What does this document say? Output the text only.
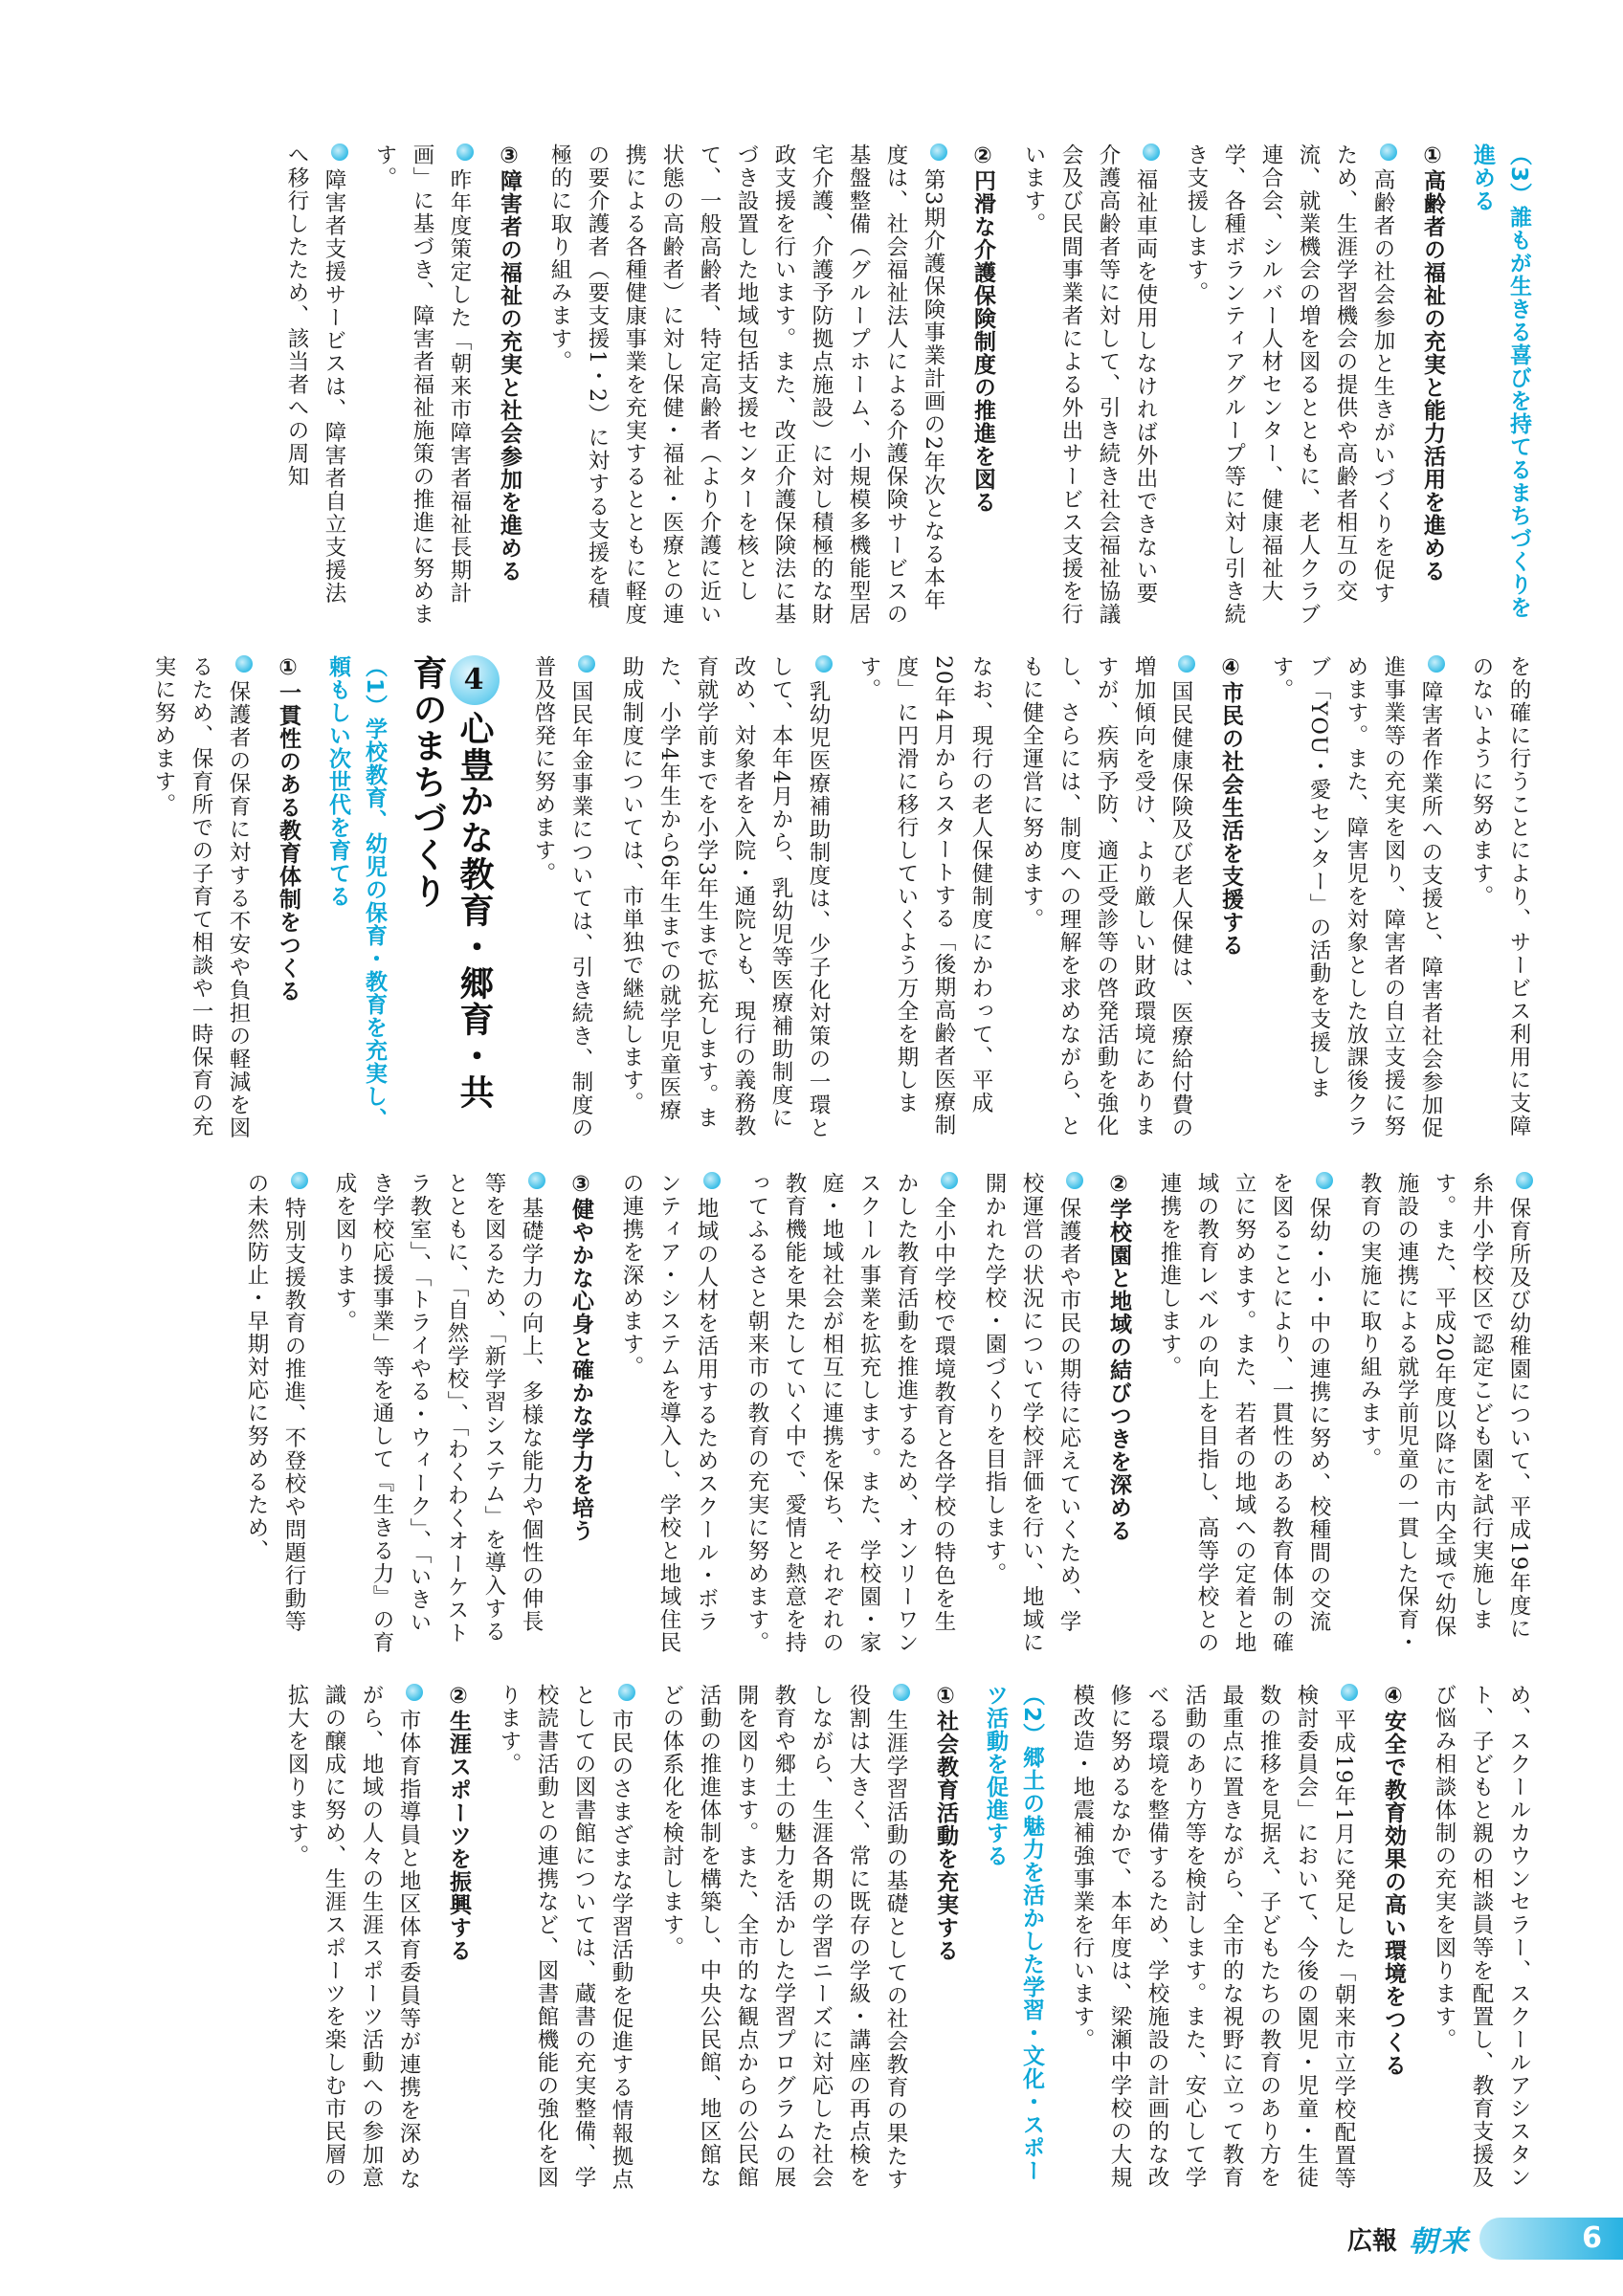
（3）誰もが生きる喜びを持てるまちづくりを進める

①高齢者の福祉の充実と能力活用を進める

高齢者の社会参加と生きがいづくりを促すため、生涯学習機会の提供や高齢者相互の交流、就業機会の増を図るとともに、老人クラブ連合会、シルバー人材センター、健康福祉大学、各種ボランティアグループ等に対し引き続き支援します。

福祉車両を使用しなければ外出できない要介護高齢者等に対して、引き続き社会福祉協議会及び民間事業者による外出サービス支援を行います。

②円滑な介護保険制度の推進を図る

第3期介護保険事業計画の2年次となる本年度は、社会福祉法人による介護保険サービスの基盤整備（グループホーム、小規模多機能型居宅介護、介護予防拠点施設）に対し積極的な財政支援を行います。また、改正介護保険法に基づき設置した地域包括支援センターを核として、一般高齢者、特定高齢者（より介護に近い状態の高齢者）に対し保健・福祉・医療との連携による各種健康事業を充実するとともに軽度の要介護者（要支援1・2）に対する支援を積極的に取り組みます。

③障害者の福祉の充実と社会参加を進める

昨年度策定した「朝来市障害者福祉長期計画」に基づき、障害者福祉施策の推進に努めます。

障害者支援サービスは、障害者自立支援法へ移行したため、該当者への周知

を的確に行うことにより、サービス利用に支障のないように努めます。

障害者作業所への支援と、障害者社会参加促進事業等の充実を図り、障害者の自立支援に努めます。また、障害児を対象とした放課後クラブ「YOU・愛センター」の活動を支援します。

④市民の社会生活を支援する

国民健康保険及び老人保健は、医療給付費の増加傾向を受け、より厳しい財政環境にありますが、疾病予防、適正受診等の啓発活動を強化し、さらには、制度への理解を求めながら、ともに健全運営に努めます。

なお、現行の老人保健制度にかわって、平成20年4月からスタートする「後期高齢者医療制度」に円滑に移行していくよう万全を期します。

乳幼児医療補助制度は、少子化対策の一環として、本年4月から、乳幼児等医療補助制度に改め、対象者を入院・通院とも、現行の義務教育就学前までを小学3年生まで拡充します。また、小学4年生から6年生までの就学児童医療助成制度については、市単独で継続します。

国民年金事業については、引き続き、制度の普及啓発に努めます。

4心豊かな教育・郷育・共育のまちづくり

（1）学校教育、幼児の保育・教育を充実し、頼もしい次世代を育てる

①一貫性のある教育体制をつくる

保護者の保育に対する不安や負担の軽減を図るため、保育所での子育て相談や一時保育の充実に努めます。

保育所及び幼稚園について、平成19年度に糸井小学校区で認定こども園を試行実施します。また、平成20年度以降に市内全域で幼保施設の連携による就学前児童の一貫した保育・教育の実施に取り組みます。

保幼・小・中の連携に努め、校種間の交流を図ることにより、一貫性のある教育体制の確立に努めます。また、若者の地域への定着と地域の教育レベルの向上を目指し、高等学校との連携を推進します。

②学校園と地域の結びつきを深める

保護者や市民の期待に応えていくため、学校運営の状況について学校評価を行い、地域に開かれた学校・園づくりを目指します。

全小中学校で環境教育と各学校の特色を生かした教育活動を推進するため、オンリーワンスクール事業を拡充します。また、学校園・家庭・地域社会が相互に連携を保ち、それぞれの教育機能を果たしていく中で、愛情と熱意を持ってふるさと朝来市の教育の充実に努めます。

地域の人材を活用するためスクール・ボランティア・システムを導入し、学校と地域住民の連携を深めます。

③健やかな心身と確かな学力を培う

基礎学力の向上、多様な能力や個性の伸長等を図るため、「新学習システム」を導入するとともに、「自然学校」、「わくわくオーケストラ教室」、「トライやる・ウィーク」、「いきいき学校応援事業」等を通して『生きる力』の育成を図ります。

特別支援教育の推進、不登校や問題行動等の未然防止・早期対応に努めるため、

め、スクールカウンセラー、スクールアシスタント、子どもと親の相談員等を配置し、教育支援及び悩み相談体制の充実を図ります。

④安全で教育効果の高い環境をつくる

平成19年1月に発足した「朝来市立学校配置等検討委員会」において、今後の園児・児童・生徒数の推移を見据え、子どもたちの教育のあり方を最重点に置きながら、全市的な視野に立って教育活動のあり方等を検討します。また、安心して学べる環境を整備するため、学校施設の計画的な改修に努めるなかで、本年度は、梁瀬中学校の大規模改造・地震補強事業を行います。

（2）郷土の魅力を活かした学習・文化・スポーツ活動を促進する

①社会教育活動を充実する

生涯学習活動の基礎としての社会教育の果たす役割は大きく、常に既存の学級・講座の再点検をしながら、生涯各期の学習ニーズに対応した社会教育や郷土の魅力を活かした学習プログラムの展開を図ります。また、全市的な観点からの公民館活動の推進体制を構築し、中央公民館、地区館などの体系化を検討します。

市民のさまざまな学習活動を促進する情報拠点としての図書館については、蔵書の充実整備、学校読書活動との連携など、図書館機能の強化を図ります。

②生涯スポーツを振興する

市体育指導員と地区体育委員等が連携を深めながら、地域の人々の生涯スポーツ活動への参加意識の醸成に努め、生涯スポーツを楽しむ市民層の拡大を図ります。

広報 朝来	6
